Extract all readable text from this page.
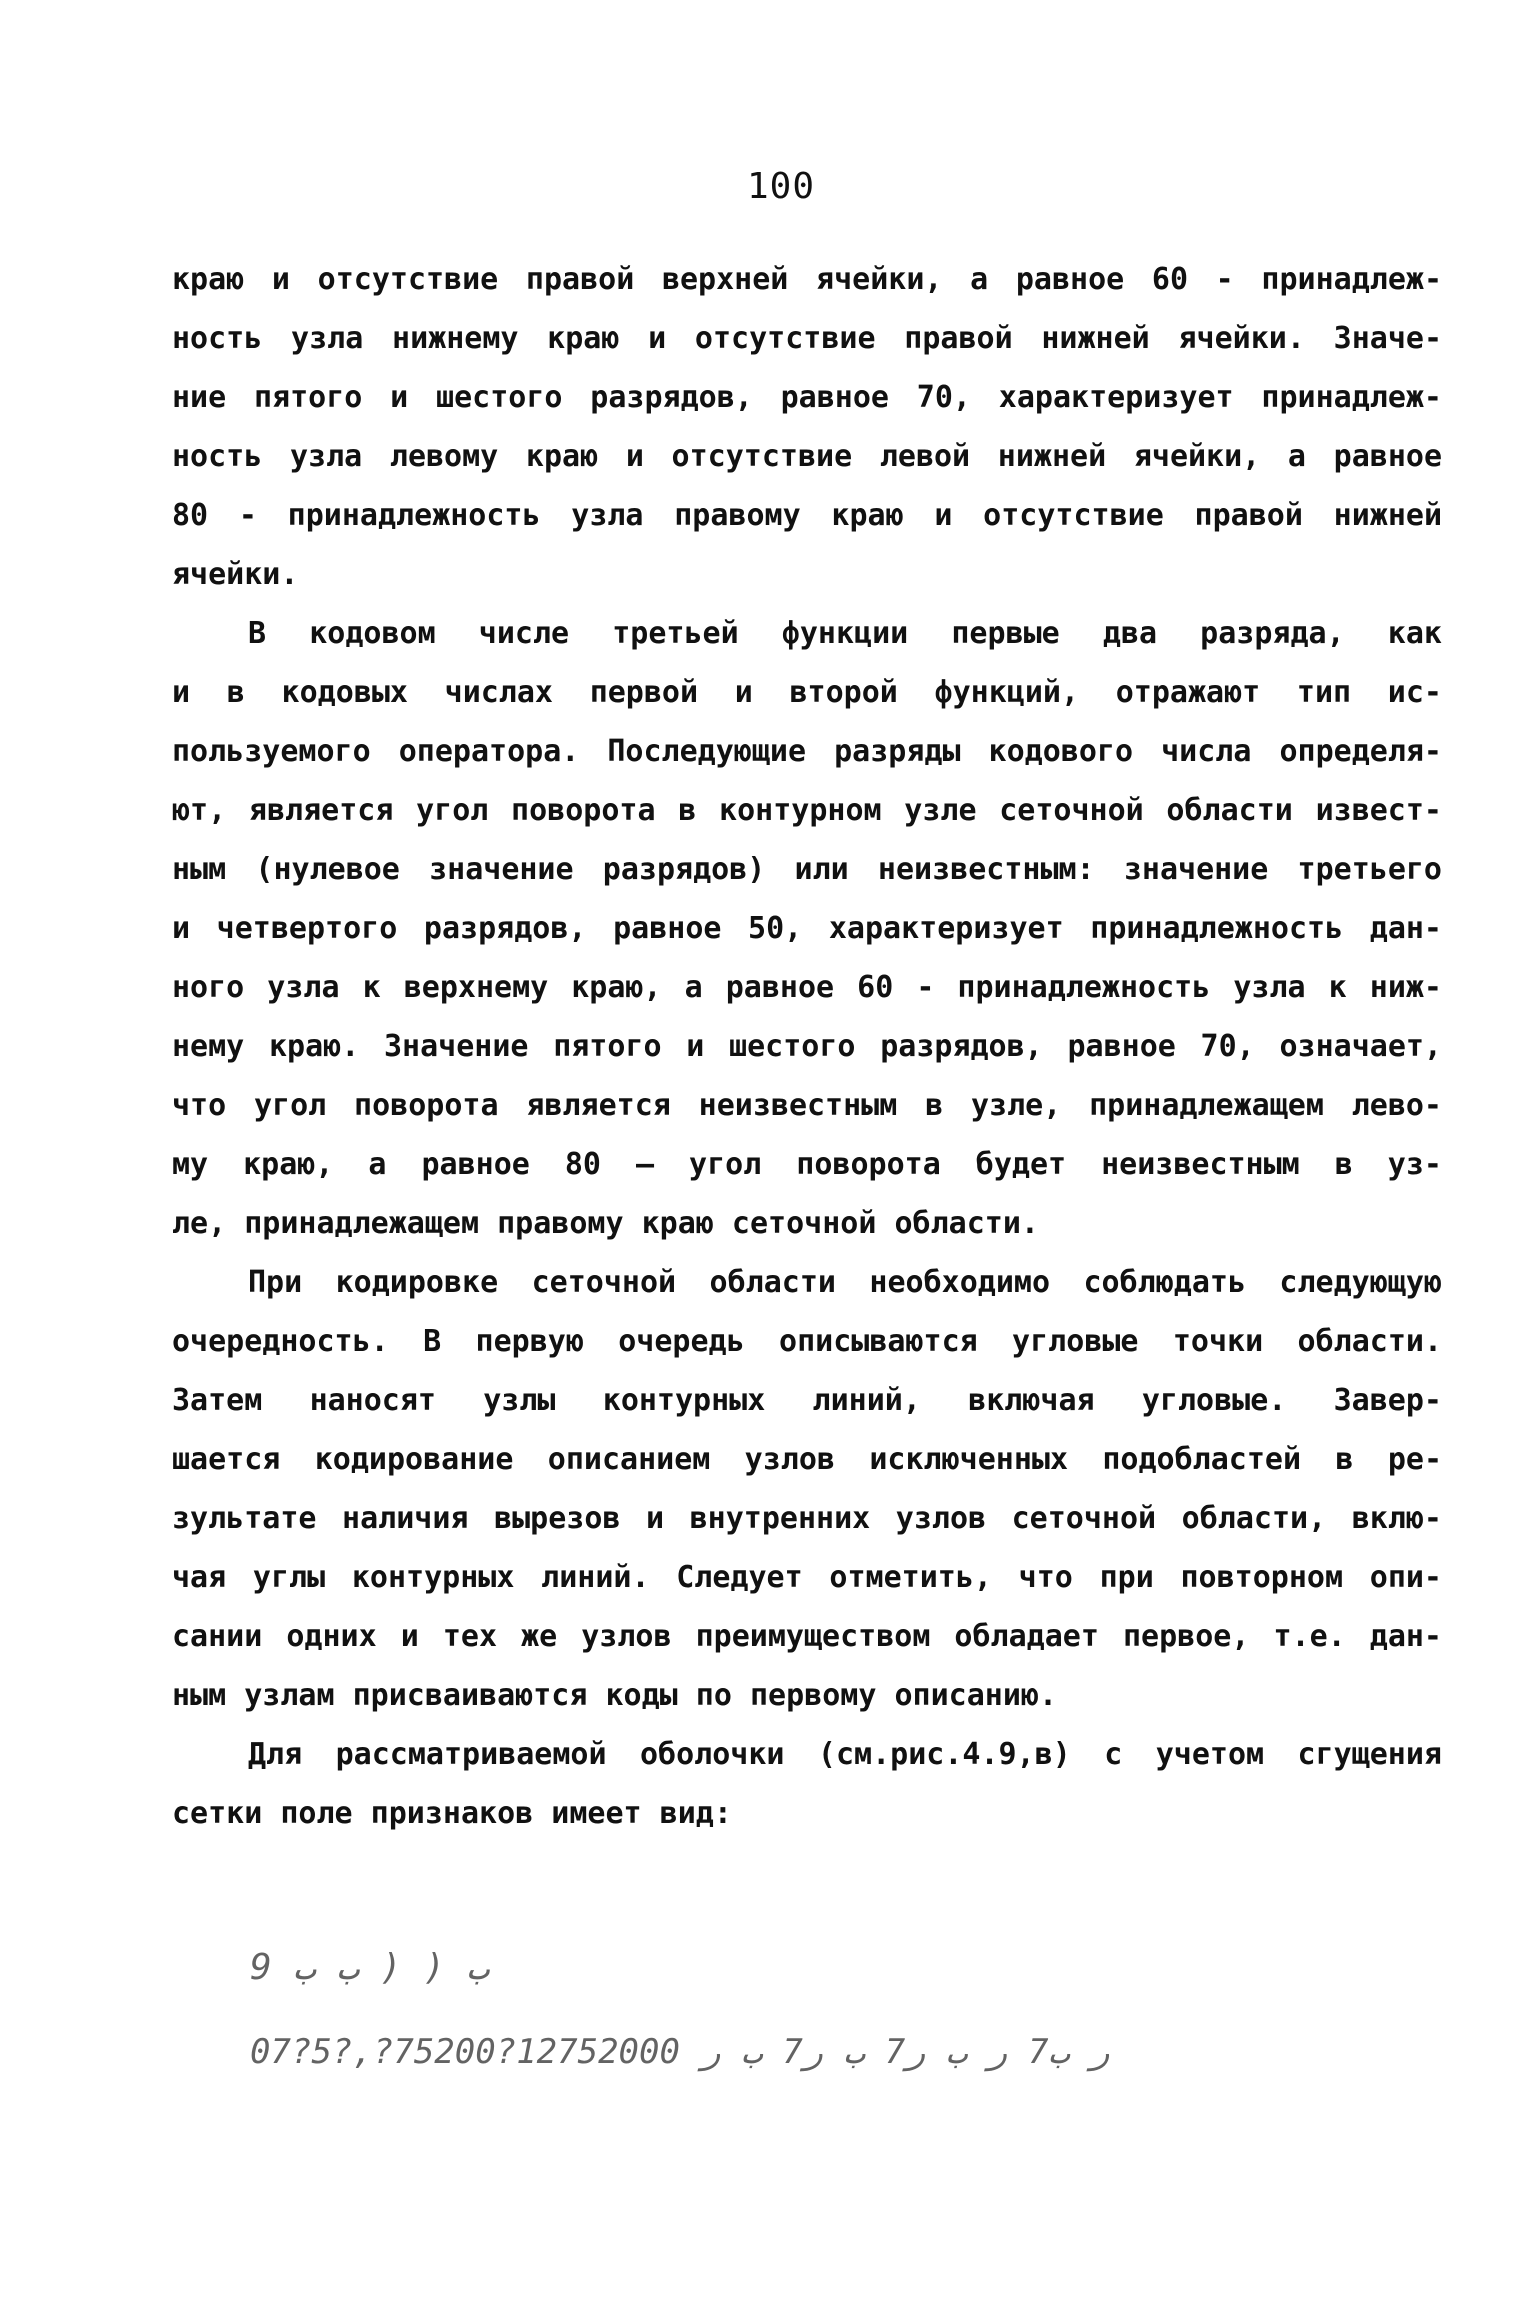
100
краю и отсутствие правой верхней ячейки, а равное 60 - принадлеж-
ность узла нижнему краю и отсутствие правой нижней ячейки. Значе-
ние пятого и шестого разрядов, равное 70, характеризует принадлеж-
ность узла левому краю и отсутствие левой нижней ячейки, а равное
80 - принадлежность узла правому краю и отсутствие правой нижней
ячейки.
В кодовом числе третьей функции первые два разряда, как
и в кодовых числах первой и второй функций, отражают тип ис-
пользуемого оператора. Последующие разряды кодового числа определя-
ют, является угол поворота в контурном узле сеточной области извест-
ным (нулевое значение разрядов) или неизвестным: значение третьего
и четвертого разрядов, равное 50, характеризует принадлежность дан-
ного узла к верхнему краю, а равное 60 - принадлежность узла к ниж-
нему краю. Значение пятого и шестого разрядов, равное 70, означает,
что угол поворота является неизвестным в узле, принадлежащем лево-
му краю, а равное 80 — угол поворота будет неизвестным в уз-
ле, принадлежащем правому краю сеточной области.
При кодировке сеточной области необходимо соблюдать следующую
очередность. В первую очередь описываются угловые точки области.
Затем наносят узлы контурных линий, включая угловые. Завер-
шается кодирование описанием узлов исключенных подобластей в ре-
зультате наличия вырезов и внутренних узлов сеточной области, вклю-
чая углы контурных линий. Следует отметить, что при повторном опи-
сании одних и тех же узлов преимуществом обладает первое, т.е. дан-
ным узлам присваиваются коды по первому описанию.
Для рассматриваемой оболочки (см.рис.4.9,в) с учетом сгущения
сетки поле признаков имеет вид:
ب ( ( ب ب 9
ر ب7 ر ب ر7 ب ر7 ب ر 12752000?75200?,?5?07
